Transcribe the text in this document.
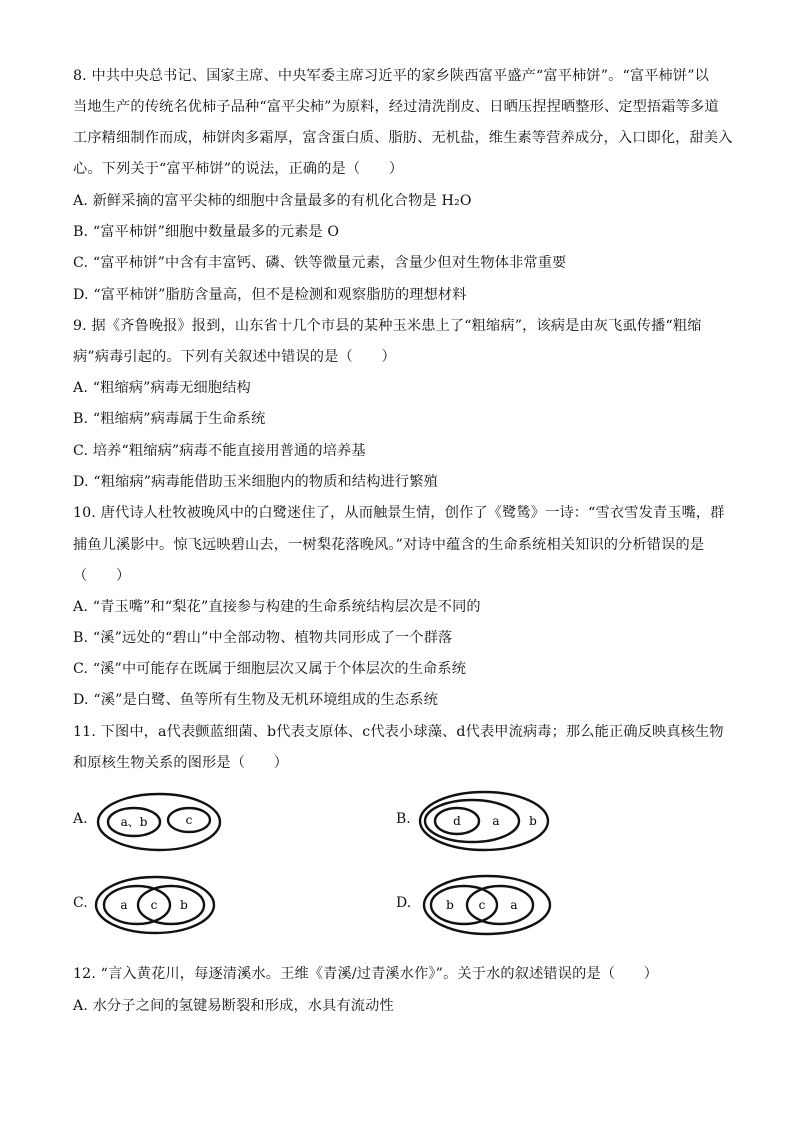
8. 中共中央总书记、国家主席、中央军委主席习近平的家乡陕西富平盛产“富平柿饼”。“富平柿饼”以
当地生产的传统名优柿子品种“富平尖柿”为原料，经过清洗削皮、日晒压捏捏晒整形、定型捂霜等多道
工序精细制作而成，柿饼肉多霜厚，富含蛋白质、脂肪、无机盐，维生素等营养成分，入口即化，甜美入
心。下列关于“富平柿饼”的说法，正确的是（　　）
A. 新鲜采摘的富平尖柿的细胞中含量最多的有机化合物是 H₂O
B. “富平柿饼”细胞中数量最多的元素是 O
C. “富平柿饼”中含有丰富钙、磷、铁等微量元素，含量少但对生物体非常重要
D. “富平柿饼”脂肪含量高，但不是检测和观察脂肪的理想材料
9. 据《齐鲁晚报》报到，山东省十几个市县的某种玉米患上了“粗缩病”，该病是由灰飞虱传播“粗缩
病”病毒引起的。下列有关叙述中错误的是（　　）
A. “粗缩病”病毒无细胞结构
B. “粗缩病”病毒属于生命系统
C. 培养“粗缩病”病毒不能直接用普通的培养基
D. “粗缩病”病毒能借助玉米细胞内的物质和结构进行繁殖
10. 唐代诗人杜牧被晚风中的白鹭迷住了，从而触景生情，创作了《鹭鸶》一诗：“雪衣雪发青玉嘴，群
捕鱼儿溪影中。惊飞远映碧山去，一树梨花落晚风。”对诗中蕴含的生命系统相关知识的分析错误的是
（　　）
A. “青玉嘴”和“梨花”直接参与构建的生命系统结构层次是不同的
B. “溪”远处的“碧山”中全部动物、植物共同形成了一个群落
C. “溪”中可能存在既属于细胞层次又属于个体层次的生命系统
D. “溪”是白鹭、鱼等所有生物及无机环境组成的生态系统
11. 下图中，a代表颤蓝细菌、b代表支原体、c代表小球藻、d代表甲流病毒；那么能正确反映真核生物
和原核生物关系的图形是（　　）
A.	a、b	c	B.	d	a b
C.	a c b	D.	b c a
12. “言入黄花川，每逐清溪水。王维《青溪/过青溪水作》”。关于水的叙述错误的是（　　）
A. 水分子之间的氢键易断裂和形成，水具有流动性
